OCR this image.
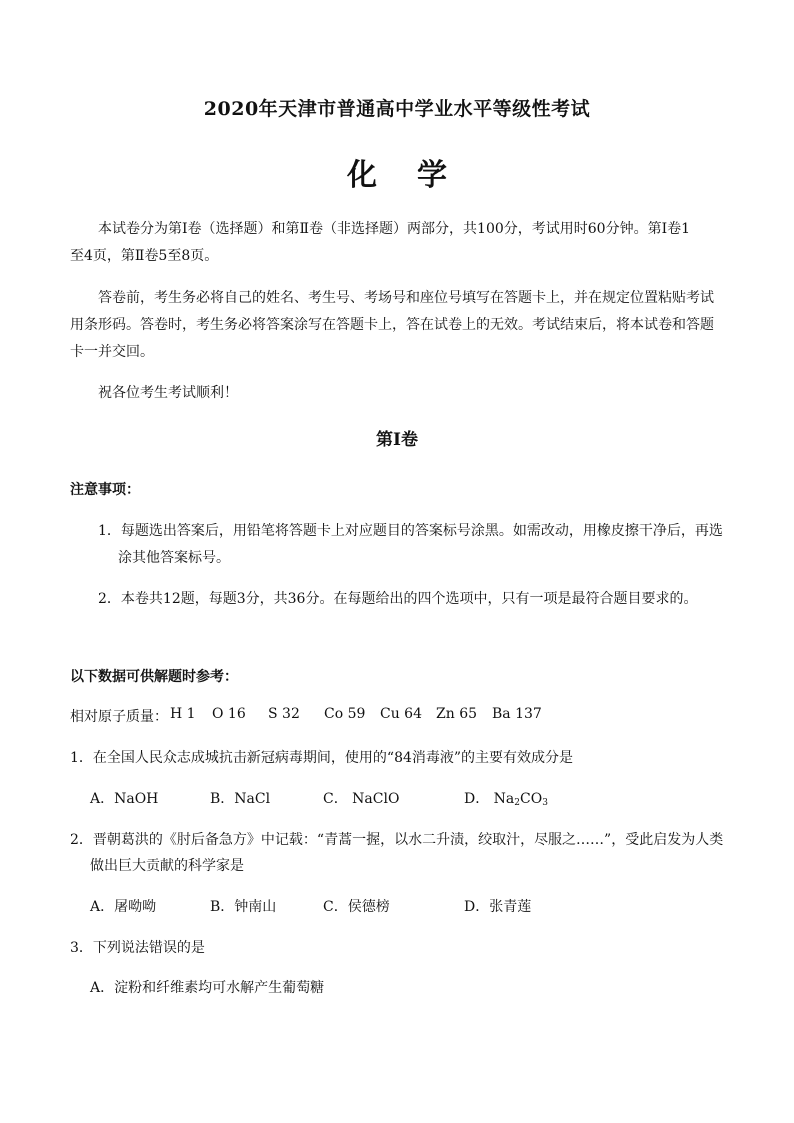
2020年天津市普通高中学业水平等级性考试
化学
本试卷分为第Ⅰ卷（选择题）和第Ⅱ卷（非选择题）两部分，共100分，考试用时60分钟。第Ⅰ卷1
至4页，第Ⅱ卷5至8页。
答卷前，考生务必将自己的姓名、考生号、考场号和座位号填写在答题卡上，并在规定位置粘贴考试
用条形码。答卷时，考生务必将答案涂写在答题卡上，答在试卷上的无效。考试结束后，将本试卷和答题
卡一并交回。
祝各位考生考试顺利！
第Ⅰ卷
注意事项：
1．每题选出答案后，用铅笔将答题卡上对应题目的答案标号涂黑。如需改动，用橡皮擦干净后，再选
涂其他答案标号。
2．本卷共12题，每题3分，共36分。在每题给出的四个选项中，只有一项是最符合题目要求的。
以下数据可供解题时参考：
相对原子质量： H 1 O 16 S 32 Co 59 Cu 64 Zn 65 Ba 137
1．在全国人民众志成城抗击新冠病毒期间，使用的“84消毒液”的主要有效成分是
A．NaOH	B．NaCl	C． NaClO	D． $Na_2CO_3$
2．晋朝葛洪的《肘后备急方》中记载：“青蒿一握，以水二升渍，绞取汁，尽服之……”，受此启发为人类
做出巨大贡献的科学家是
A．屠呦呦	B．钟南山	C．侯德榜	D．张青莲
3．下列说法错误的是
A．淀粉和纤维素均可水解产生葡萄糖
